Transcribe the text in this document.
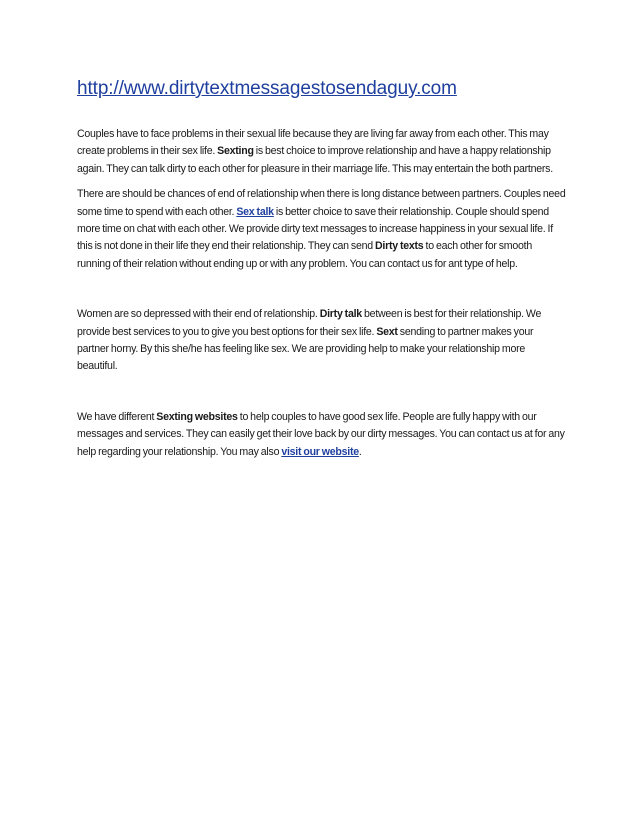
http://www.dirtytextmessagestosendaguy.com

Couples have to face problems in their sexual life because they are living far away from each other. This may create problems in their sex life. Sexting is best choice to improve relationship and have a happy relationship again. They can talk dirty to each other for pleasure in their marriage life. This may entertain the both partners.

There are should be chances of end of relationship when there is long distance between partners. Couples need some time to spend with each other. Sex talk is better choice to save their relationship. Couple should spend more time on chat with each other. We provide dirty text messages to increase happiness in your sexual life. If this is not done in their life they end their relationship. They can send Dirty texts to each other for smooth running of their relation without ending up or with any problem. You can contact us for ant type of help.

Women are so depressed with their end of relationship. Dirty talk between is best for their relationship. We provide best services to you to give you best options for their sex life. Sext sending to partner makes your partner horny. By this she/he has feeling like sex. We are providing help to make your relationship more beautiful.

We have different Sexting websites to help couples to have good sex life. People are fully happy with our messages and services. They can easily get their love back by our dirty messages. You can contact us at for any help regarding your relationship. You may also visit our website.
